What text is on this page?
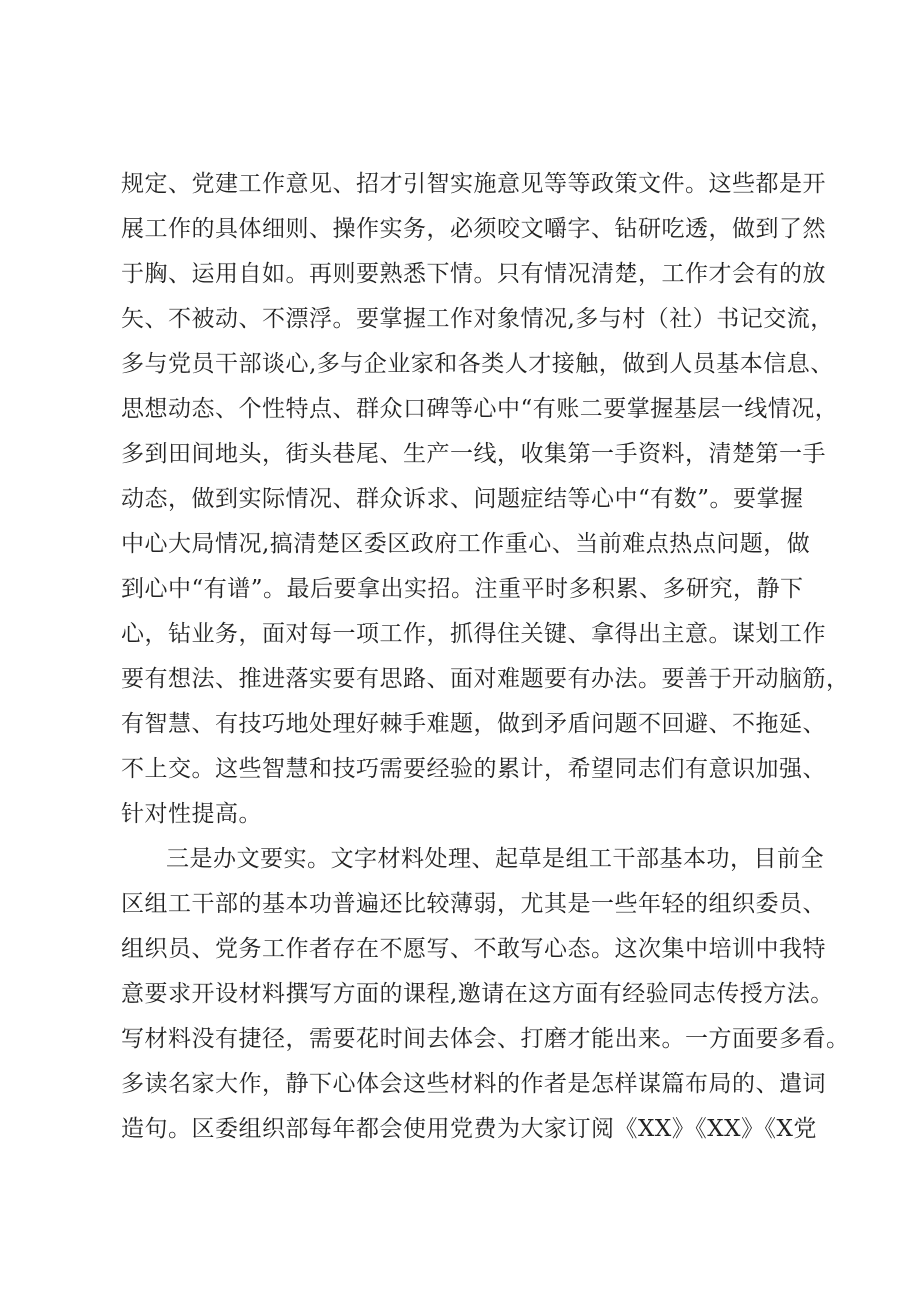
规定、党建工作意见、招才引智实施意见等等政策文件。这些都是开
展工作的具体细则、操作实务，必须咬文嚼字、钻研吃透，做到了然
于胸、运用自如。再则要熟悉下情。只有情况清楚，工作才会有的放
矢、不被动、不漂浮。要掌握工作对象情况,多与村（社）书记交流，
多与党员干部谈心,多与企业家和各类人才接触，做到人员基本信息、
思想动态、个性特点、群众口碑等心中“有账二要掌握基层一线情况，
多到田间地头，街头巷尾、生产一线，收集第一手资料，清楚第一手
动态，做到实际情况、群众诉求、问题症结等心中“有数”。要掌握
中心大局情况,搞清楚区委区政府工作重心、当前难点热点问题，做
到心中“有谱”。最后要拿出实招。注重平时多积累、多研究，静下
心，钻业务，面对每一项工作，抓得住关键、拿得出主意。谋划工作
要有想法、推进落实要有思路、面对难题要有办法。要善于开动脑筋，
有智慧、有技巧地处理好棘手难题，做到矛盾问题不回避、不拖延、
不上交。这些智慧和技巧需要经验的累计，希望同志们有意识加强、
针对性提高。
三是办文要实。文字材料处理、起草是组工干部基本功，目前全
区组工干部的基本功普遍还比较薄弱，尤其是一些年轻的组织委员、
组织员、党务工作者存在不愿写、不敢写心态。这次集中培训中我特
意要求开设材料撰写方面的课程,邀请在这方面有经验同志传授方法。
写材料没有捷径，需要花时间去体会、打磨才能出来。一方面要多看。
多读名家大作，静下心体会这些材料的作者是怎样谋篇布局的、遣词
造句。区委组织部每年都会使用党费为大家订阅《XX》《XX》《X党
